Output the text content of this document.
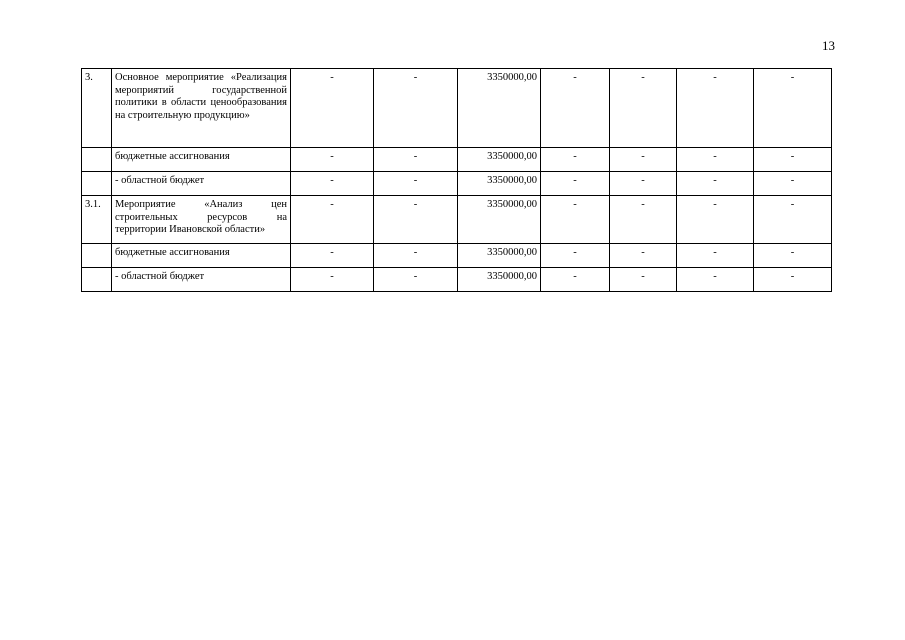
13
3.	Основное мероприятие «Реализация мероприятий государственной политики в области ценообразования на строительную продукцию»	-	-	3350000,00	-	-	-	-
	бюджетные ассигнования	-	-	3350000,00	-	-	-	-
	- областной бюджет	-	-	3350000,00	-	-	-	-
3.1.	Мероприятие «Анализ цен строительных ресурсов на территории Ивановской области»	-	-	3350000,00	-	-	-	-
	бюджетные ассигнования	-	-	3350000,00	-	-	-	-
	- областной бюджет	-	-	3350000,00	-	-	-	-
